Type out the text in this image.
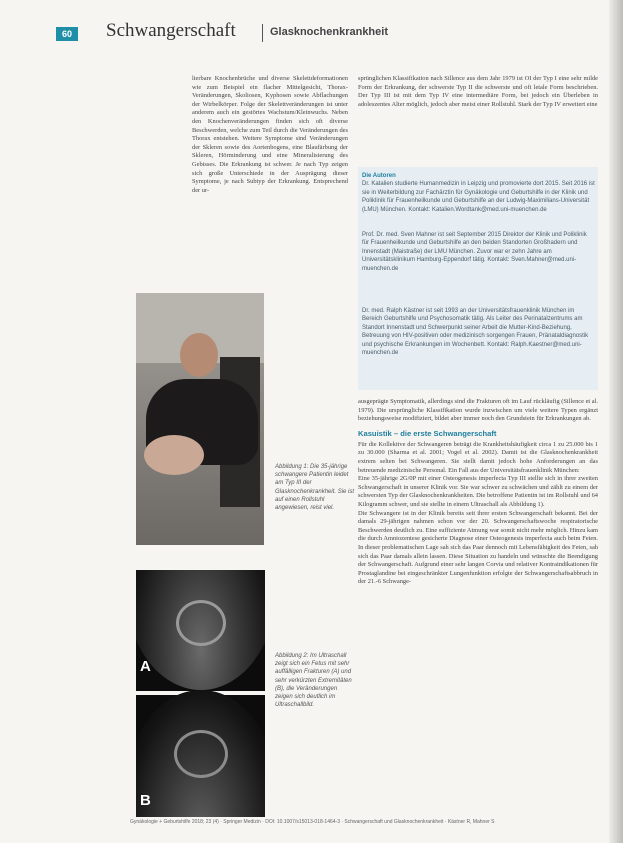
60	Schwangerschaft	Glasknochenkrankheit

lierbare Knochenbrüche und diverse Skelettdeformationen wie zum Beispiel ein flacher Mittelgesicht, Thorax-Veränderungen, Skoliosen, Kyphosen sowie Abflachungen der Wirbelkörper. Folge der Skelettveränderungen ist unter anderem auch ein gestörtes Wachstum/Kleinwuchs. Neben den Knochenveränderungen finden sich oft diverse Beschwerden, welche zum Teil durch die Veränderungen des Thorax entstehen. Weitere Symptome sind Veränderungen der Skleren sowie des Aortenbogens, eine Blaufärbung der Skleren, Hörminderung und eine Mineralisierung des Gebisses. Die Erkrankung ist schwer. Je nach Typ zeigen sich große Unterschiede in der Ausprägung dieser Symptome, je nach Subtyp der Erkrankung. Entsprechend der ur-

sprünglichen Klassifikation nach Sillence aus dem Jahr 1979 ist OI der Typ I eine sehr milde Form der Erkrankung, der schwerste Typ II die schwerste und oft letale Form beschrieben. Der Typ III ist mit dem Typ IV eine intermediäre Form, bei jedoch ein Überleben in adoleszentes Alter möglich, jedoch aber meist einer Rollstuhl. Stark der Typ IV erweitert eine

Die Autoren

Dr. Katalien studierte Humanmedizin in Leipzig und promovierte dort 2015. Seit 2016 ist sie in Weiterbildung zur Fachärztin für Gynäkologie und Geburtshilfe in der Klinik und Poliklinik für Frauenheilkunde und Geburtshilfe an der Ludwig-Maximilians-Universität (LMU) München. Kontakt: Katalien.Wordtank@med.uni-muenchen.de

Prof. Dr. med. Sven Mahner ist seit September 2015 Direktor der Klinik und Poliklinik für Frauenheilkunde und Geburtshilfe an den beiden Standorten Großhadern und Innenstadt (Maistraße) der LMU München. Zuvor war er zehn Jahre am Universitätsklinikum Hamburg-Eppendorf tätig. Kontakt: Sven.Mahner@med.uni-muenchen.de

Dr. med. Ralph Kästner ist seit 1993 an der Universitätsfrauenklinik München im Bereich Geburtshilfe und Psychosomatik tätig. Als Leiter des Perinatalzentrums am Standort Innenstadt und Schwerpunkt seiner Arbeit die Mutter-Kind-Beziehung, Betreuung von HIV-positiven oder medizinisch sorgengen Frauen, Pränataldiagnostik und psychische Erkrankungen im Wochenbett. Kontakt: Ralph.Kaestner@med.uni-muenchen.de

Abbildung 1: Die 35-jährige schwangere Patientin leidet am Typ III der Glasknochenkrankheit. Sie ist auf einen Rollstuhl angewiesen, reist viel.
A
B
Abbildung 2: Im Ultraschall zeigt sich ein Fetus mit sehr auffälligen Frakturen (A) und sehr verkürzten Extremitäten (B), die Veränderungen zeigen sich deutlich im Ultraschallbild.

ausgeprägte Symptomatik, allerdings sind die Frakturen oft im Lauf rückläufig (Sillence et al. 1979). Die ursprüngliche Klassifikation wurde inzwischen um viele weitere Typen ergänzt beziehungsweise modifiziert, bildet aber immer noch den Grundstein für Erkrankungen ab.

Kasuistik – die erste Schwangerschaft

Für die Kollektive der Schwangeren beträgt die Krankheitshäufigkeit circa 1 zu 25.000 bis 1 zu 30.000 (Sharma et al. 2001; Vogel et al. 2002). Damit ist die Glasknochenkrankheit extrem selten bei Schwangeren. Sie stellt damit jedoch hohe Anforderungen an das betreuende medizinische Personal. Ein Fall aus der Universitätsfrauenklinik München:

Eine 35-jährige 2G/0P mit einer Osteogenesis imperfecta Typ III stellte sich in ihrer zweiten Schwangerschaft in unserer Klinik vor. Sie war schwer zu schwächen und zählt zu einem der schwersten Typ der Glasknochenkrankheiten. Die betroffene Patientin ist im Rollstuhl und 64 Kilogramm schwer, und sie stellte in einem Ultraschall als Abbildung 1).

Die Schwangere ist in der Klinik bereits seit ihrer ersten Schwangerschaft bekannt. Bei der damals 29-jährigen nahmen schon vor der 20. Schwangerschaftswoche respiratorische Beschwerden deutlich zu. Eine suffiziente Atmung war somit nicht mehr möglich. Hinzu kam die durch Amniozentese gesicherte Diagnose einer Osteogenesis imperfecta auch beim Feten. In dieser problematischen Lage sah sich das Paar dennoch mit Lebensfähigkeit des Feten, sah sich das Paar damals allein lassen. Diese Situation zu handeln und wünschte die Beendigung der Schwangerschaft. Aufgrund einer sehr langen Corvia und relativer Kontraindikationen für Prostaglandine bei eingeschränkter Lungenfunktion erfolgte der Schwangerschaftsabbruch in der 21.-6 Schwange-

Gynäkologie + Geburtshilfe 2018; 23 (4) · Springer Medizin · DOI: 10.1007/s15013-018-1464-3 · Schwangerschaft und Glasknochenkrankheit · Kästner R, Mahner S
